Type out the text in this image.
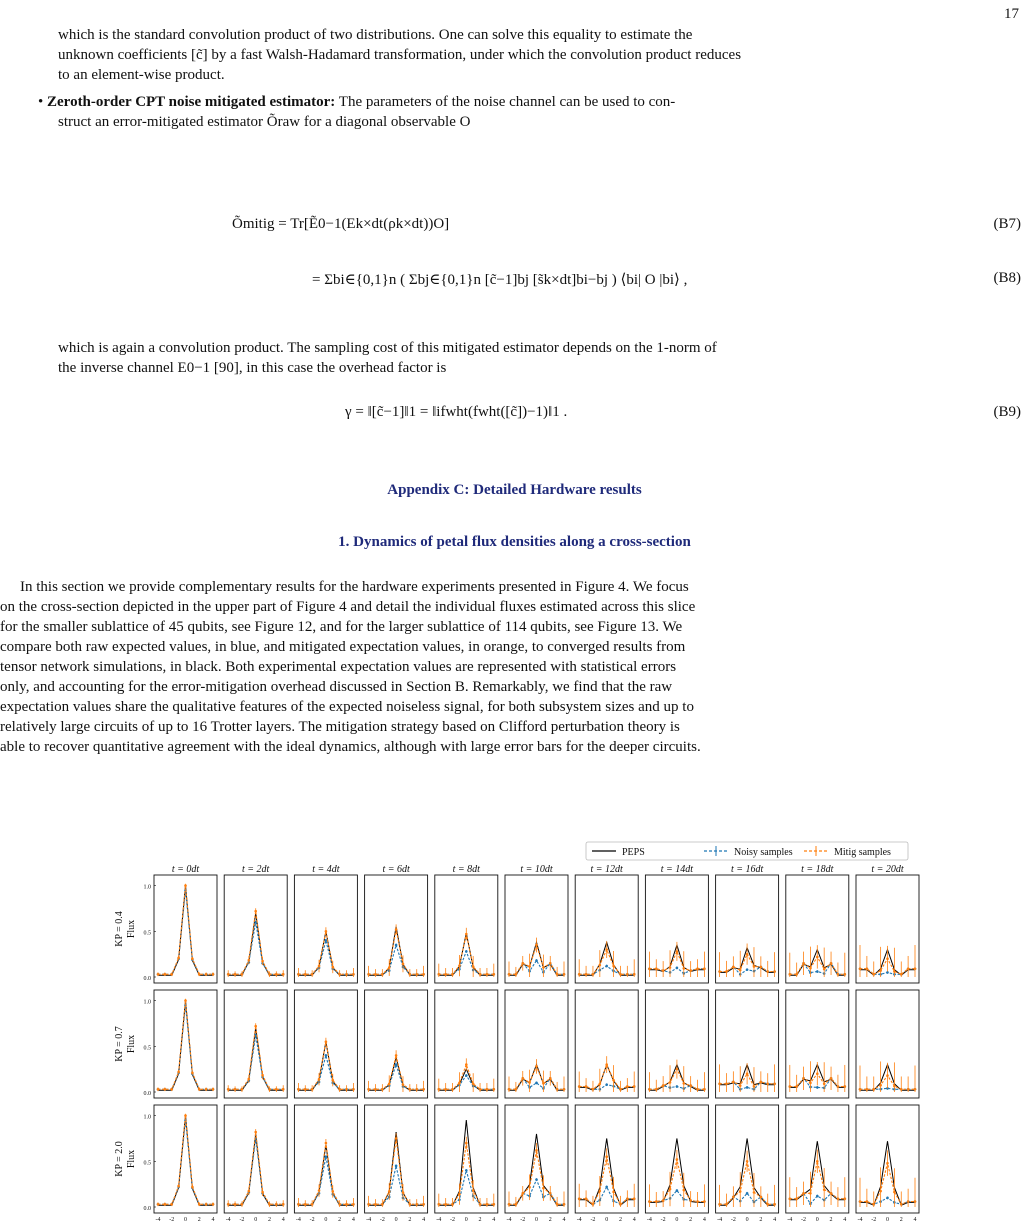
17
which is the standard convolution product of two distributions. One can solve this equality to estimate the
unknown coefficients [c̃] by a fast Walsh-Hadamard transformation, under which the convolution product reduces
to an element-wise product.
• Zeroth-order CPT noise mitigated estimator: The parameters of the noise channel can be used to con-
struct an error-mitigated estimator Õraw for a diagonal observable O
Õmitig = Tr[Ẽ0−1(Ek×dt(ρk×dt))O]	(B7)
= Σbi∈{0,1}n ( Σbj∈{0,1}n [c̃−1]bj [s̃k×dt]bi−bj ) ⟨bi| O |bi⟩ ,	(B8)
which is again a convolution product. The sampling cost of this mitigated estimator depends on the 1-norm of
the inverse channel E0−1 [90], in this case the overhead factor is
γ = ‖[c̃−1]‖1 = ‖ifwht(fwht([c̃])−1)‖1 .	(B9)
Appendix C: Detailed Hardware results
1. Dynamics of petal flux densities along a cross-section
In this section we provide complementary results for the hardware experiments presented in Figure 4. We focus
on the cross-section depicted in the upper part of Figure 4 and detail the individual fluxes estimated across this slice
for the smaller sublattice of 45 qubits, see Figure 12, and for the larger sublattice of 114 qubits, see Figure 13. We
compare both raw expected values, in blue, and mitigated expectation values, in orange, to converged results from
tensor network simulations, in black. Both experimental expectation values are represented with statistical errors
only, and accounting for the error-mitigation overhead discussed in Section B. Remarkably, we find that the raw
expectation values share the qualitative features of the expected noiseless signal, for both subsystem sizes and up to
relatively large circuits of up to 16 Trotter layers. The mitigation strategy based on Clifford perturbation theory is
able to recover quantitative agreement with the ideal dynamics, although with large error bars for the deeper circuits.
PEPS	Noisy samples	Mitig samples
KP = 0.4 Flux
t = 0dt
0.0
0.5
1.0
t = 2dt	t = 4dt	t = 6dt	t = 8dt	t = 10dt	t = 12dt	t = 14dt	t = 16dt	t = 18dt	t = 20dt
KP = 0.7 Flux
0.0
0.5
1.0
KP = 2.0 Flux
0.0
0.5
1.0
-4 -2 0 2 4 -4 -2 0 2 4 -4 -2 0 2 4 -4 -2 0 2 4 -4 -2 0 2 4 -4 -2 0 2 4 -4 -2 0 2 4 -4 -2 0 2 4 -4 -2 0 2 4 -4 -2 0 2 4 -4 -2 0 2 4
